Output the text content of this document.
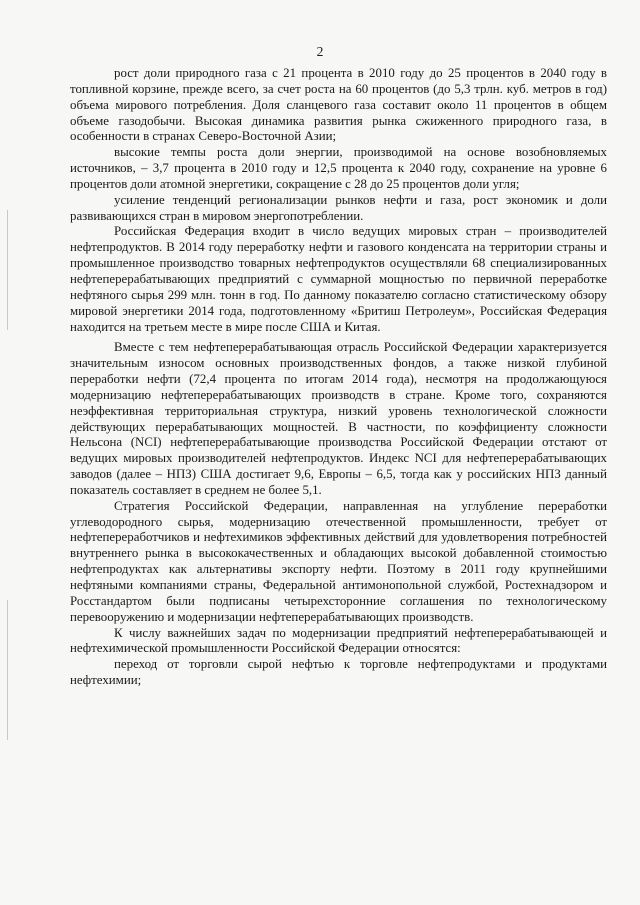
2

рост доли природного газа с 21 процента в 2010 году до 25 процентов в 2040 году в топливной корзине, прежде всего, за счет роста на 60 процентов (до 5,3 трлн. куб. метров в год) объема мирового потребления. Доля сланцевого газа составит около 11 процентов в общем объеме газодобычи. Высокая динамика развития рынка сжиженного природного газа, в особенности в странах Северо-Восточной Азии;

высокие темпы роста доли энергии, производимой на основе возобновляемых источников, – 3,7 процента в 2010 году и 12,5 процента к 2040 году, сохранение на уровне 6 процентов доли атомной энергетики, сокращение с 28 до 25 процентов доли угля;

усиление тенденций регионализации рынков нефти и газа, рост экономик и доли развивающихся стран в мировом энергопотреблении.

Российская Федерация входит в число ведущих мировых стран – производителей нефтепродуктов. В 2014 году переработку нефти и газового конденсата на территории страны и промышленное производство товарных нефтепродуктов осуществляли 68 специализированных нефтеперерабатывающих предприятий с суммарной мощностью по первичной переработке нефтяного сырья 299 млн. тонн в год. По данному показателю согласно статистическому обзору мировой энергетики 2014 года, подготовленному «Бритиш Петролеум», Российская Федерация находится на третьем месте в мире после США и Китая.

Вместе с тем нефтеперерабатывающая отрасль Российской Федерации характеризуется значительным износом основных производственных фондов, а также низкой глубиной переработки нефти (72,4 процента по итогам 2014 года), несмотря на продолжающуюся модернизацию нефтеперерабатывающих производств в стране. Кроме того, сохраняются неэффективная территориальная структура, низкий уровень технологической сложности действующих перерабатывающих мощностей. В частности, по коэффициенту сложности Нельсона (NCI) нефтеперерабатывающие производства Российской Федерации отстают от ведущих мировых производителей нефтепродуктов. Индекс NCI для нефтеперерабатывающих заводов (далее – НПЗ) США достигает 9,6, Европы – 6,5, тогда как у российских НПЗ данный показатель составляет в среднем не более 5,1.

Стратегия Российской Федерации, направленная на углубление переработки углеводородного сырья, модернизацию отечественной промышленности, требует от нефтепереработчиков и нефтехимиков эффективных действий для удовлетворения потребностей внутреннего рынка в высококачественных и обладающих высокой добавленной стоимостью нефтепродуктах как альтернативы экспорту нефти. Поэтому в 2011 году крупнейшими нефтяными компаниями страны, Федеральной антимонопольной службой, Ростехнадзором и Росстандартом были подписаны четырехсторонние соглашения по технологическому перевооружению и модернизации нефтеперерабатывающих производств.

К числу важнейших задач по модернизации предприятий нефтеперерабатывающей и нефтехимической промышленности Российской Федерации относятся:

переход от торговли сырой нефтью к торговле нефтепродуктами и продуктами нефтехимии;
